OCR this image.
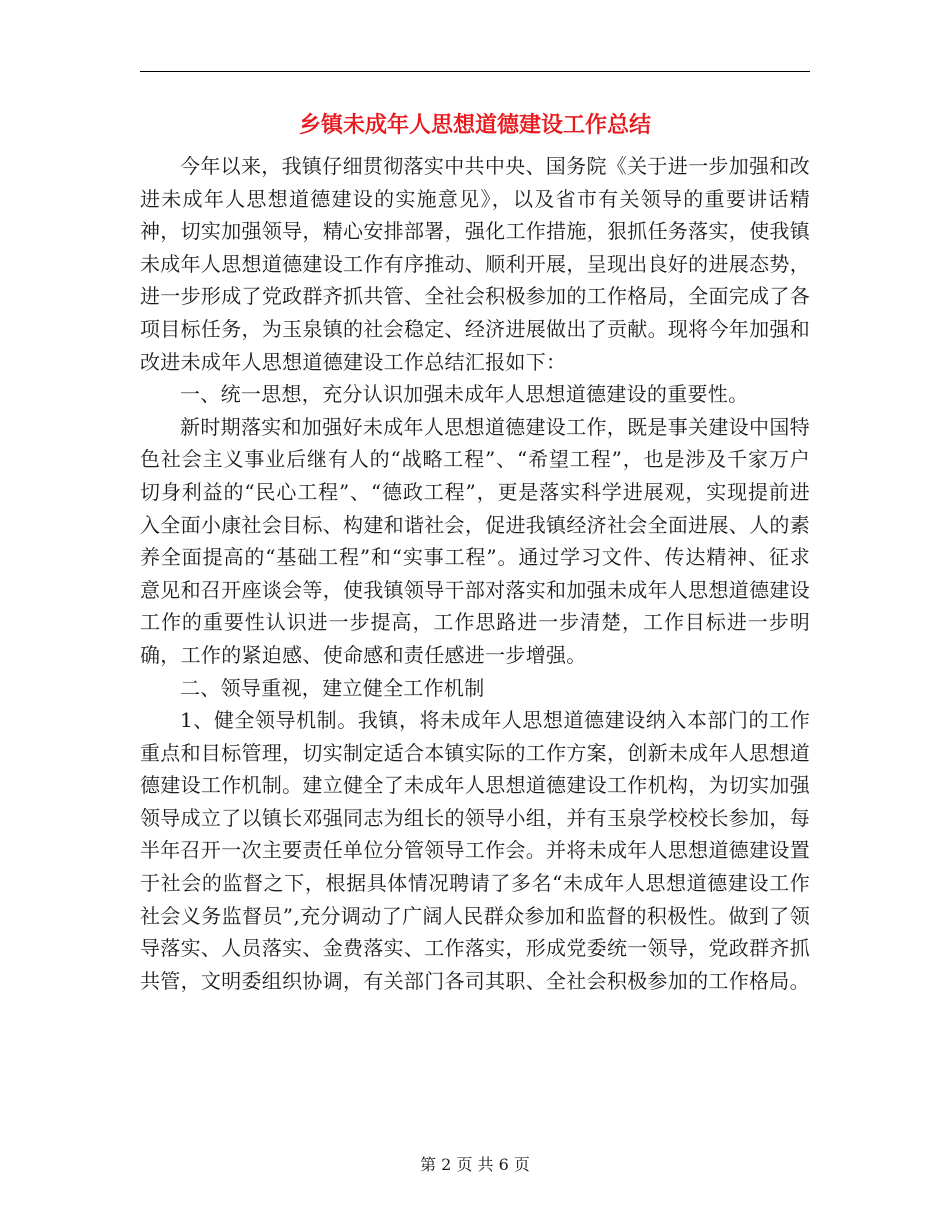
乡镇未成年人思想道德建设工作总结

今年以来，我镇仔细贯彻落实中共中央、国务院《关于进一步加强和改进未成年人思想道德建设的实施意见》，以及省市有关领导的重要讲话精神，切实加强领导，精心安排部署，强化工作措施，狠抓任务落实，使我镇未成年人思想道德建设工作有序推动、顺利开展，呈现出良好的进展态势，进一步形成了党政群齐抓共管、全社会积极参加的工作格局，全面完成了各项目标任务，为玉泉镇的社会稳定、经济进展做出了贡献。现将今年加强和改进未成年人思想道德建设工作总结汇报如下：

一、统一思想，充分认识加强未成年人思想道德建设的重要性。

新时期落实和加强好未成年人思想道德建设工作，既是事关建设中国特色社会主义事业后继有人的“战略工程”、“希望工程”，也是涉及千家万户切身利益的“民心工程”、“德政工程”，更是落实科学进展观，实现提前进入全面小康社会目标、构建和谐社会，促进我镇经济社会全面进展、人的素养全面提高的“基础工程”和“实事工程”。通过学习文件、传达精神、征求意见和召开座谈会等，使我镇领导干部对落实和加强未成年人思想道德建设工作的重要性认识进一步提高，工作思路进一步清楚，工作目标进一步明确，工作的紧迫感、使命感和责任感进一步增强。

二、领导重视，建立健全工作机制

1、健全领导机制。我镇，将未成年人思想道德建设纳入本部门的工作重点和目标管理，切实制定适合本镇实际的工作方案，创新未成年人思想道德建设工作机制。建立健全了未成年人思想道德建设工作机构，为切实加强领导成立了以镇长邓强同志为组长的领导小组，并有玉泉学校校长参加，每半年召开一次主要责任单位分管领导工作会。并将未成年人思想道德建设置于社会的监督之下，根据具体情况聘请了多名“未成年人思想道德建设工作社会义务监督员”,充分调动了广阔人民群众参加和监督的积极性。做到了领导落实、人员落实、金费落实、工作落实，形成党委统一领导，党政群齐抓共管，文明委组织协调，有关部门各司其职、全社会积极参加的工作格局。

第 2 页 共 6 页
